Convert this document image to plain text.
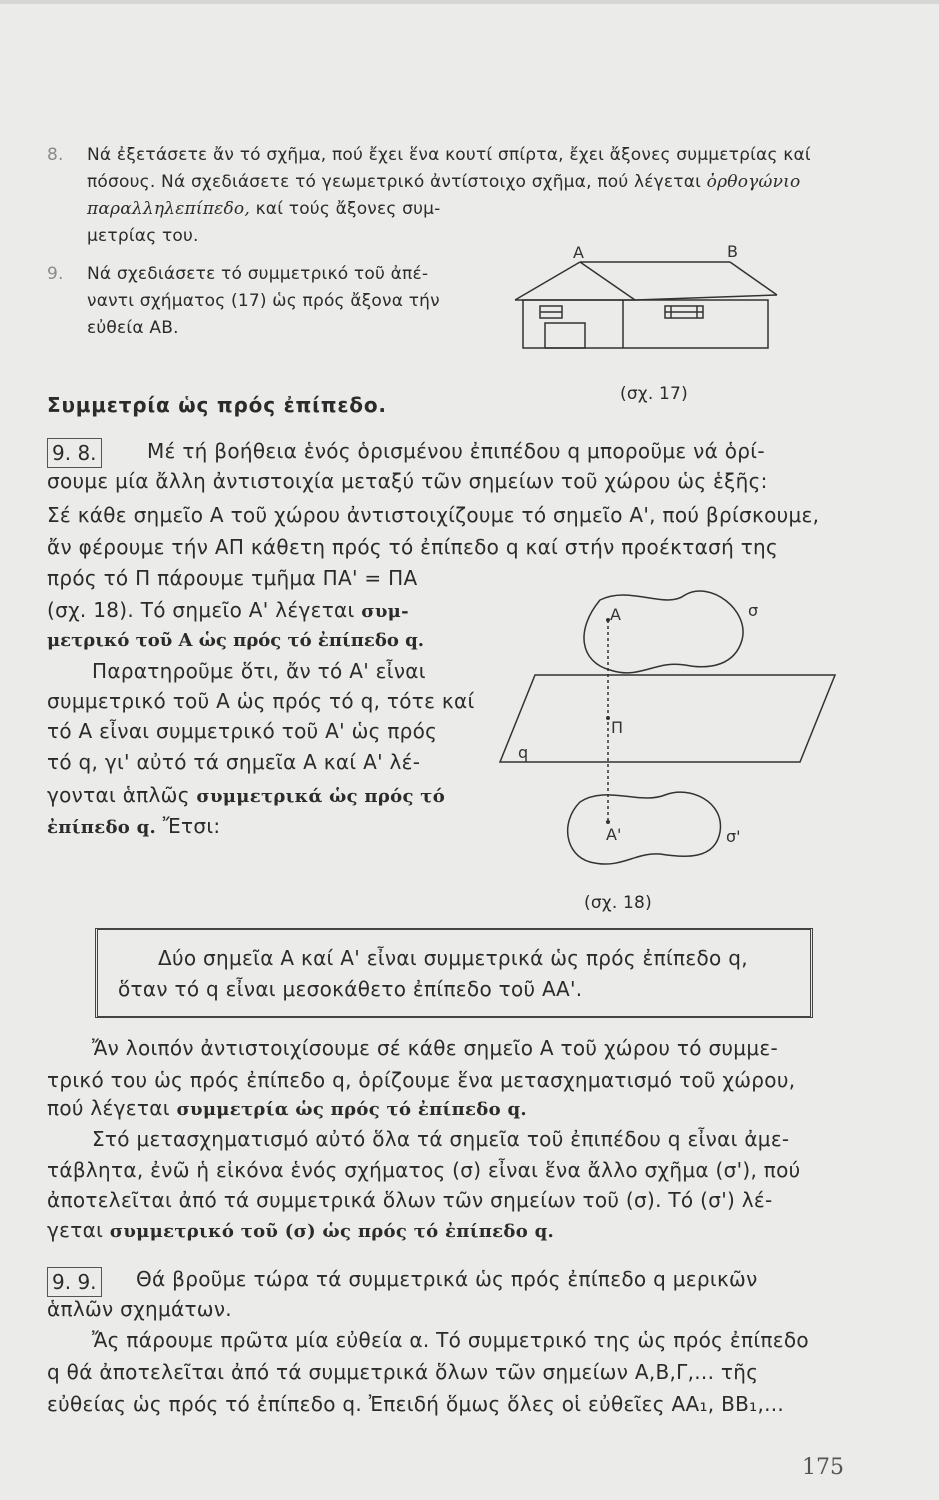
8. Νά ἐξετάσετε ἄν τό σχῆμα, πού ἔχει ἕνα κουτί σπίρτα, ἔχει ἄξονες συμμετρίας καί
πόσους. Νά σχεδιάσετε τό γεωμετρικό ἀντίστοιχο σχῆμα, πού λέγεται ὀρθογώνιο
παραλληλεπίπεδο, καί τούς ἄξονες συμ-
μετρίας του.
9. Νά σχεδιάσετε τό συμμετρικό τοῦ ἀπέ-
ναντι σχήματος (17) ὡς πρός ἄξονα τήν
εὐθεία ΑΒ.
A	B
(σχ. 17)
Συμμετρία ὡς πρός ἐπίπεδο.
9. 8.	Μέ τή βοήθεια ἑνός ὁρισμένου ἐπιπέδου q μποροῦμε νά ὁρί-
σουμε μία ἄλλη ἀντιστοιχία μεταξύ τῶν σημείων τοῦ χώρου ὡς ἑξῆς:
Σέ κάθε σημεῖο Α τοῦ χώρου ἀντιστοιχίζουμε τό σημεῖο Α', πού βρίσκουμε,
ἄν φέρουμε τήν ΑΠ κάθετη πρός τό ἐπίπεδο q καί στήν προέκτασή της
πρός τό Π πάρουμε τμῆμα ΠΑ' = ΠΑ
(σχ. 18). Τό σημεῖο Α' λέγεται συμ-
μετρικό τοῦ Α ὡς πρός τό ἐπίπεδο q.
Παρατηροῦμε ὅτι, ἄν τό Α' εἶναι
συμμετρικό τοῦ Α ὡς πρός τό q, τότε καί
τό Α εἶναι συμμετρικό τοῦ Α' ὡς πρός
τό q, γι' αὐτό τά σημεῖα Α καί Α' λέ-
γονται ἁπλῶς συμμετρικά ὡς πρός τό
ἐπίπεδο q. Ἔτσι:
A	σ
Π
q
A'	σ'
(σχ. 18)
Δύο σημεῖα Α καί Α' εἶναι συμμετρικά ὡς πρός ἐπίπεδο q,
ὅταν τό q εἶναι μεσοκάθετο ἐπίπεδο τοῦ ΑΑ'.
Ἄν λοιπόν ἀντιστοιχίσουμε σέ κάθε σημεῖο Α τοῦ χώρου τό συμμε-
τρικό του ὡς πρός ἐπίπεδο q, ὁρίζουμε ἕνα μετασχηματισμό τοῦ χώρου,
πού λέγεται συμμετρία ὡς πρός τό ἐπίπεδο q.
Στό μετασχηματισμό αὐτό ὅλα τά σημεῖα τοῦ ἐπιπέδου q εἶναι ἀμε-
τάβλητα, ἐνῶ ἡ εἰκόνα ἑνός σχήματος (σ) εἶναι ἕνα ἄλλο σχῆμα (σ'), πού
ἀποτελεῖται ἀπό τά συμμετρικά ὅλων τῶν σημείων τοῦ (σ). Τό (σ') λέ-
γεται συμμετρικό τοῦ (σ) ὡς πρός τό ἐπίπεδο q.
9. 9. Θά βροῦμε τώρα τά συμμετρικά ὡς πρός ἐπίπεδο q μερικῶν
ἁπλῶν σχημάτων.
Ἄς πάρουμε πρῶτα μία εὐθεία α. Τό συμμετρικό της ὡς πρός ἐπίπεδο
q θά ἀποτελεῖται ἀπό τά συμμετρικά ὅλων τῶν σημείων Α,Β,Γ,... τῆς
εὐθείας ὡς πρός τό ἐπίπεδο q. Ἐπειδή ὅμως ὅλες οἱ εὐθεῖες ΑΑ₁, ΒΒ₁,...
175
